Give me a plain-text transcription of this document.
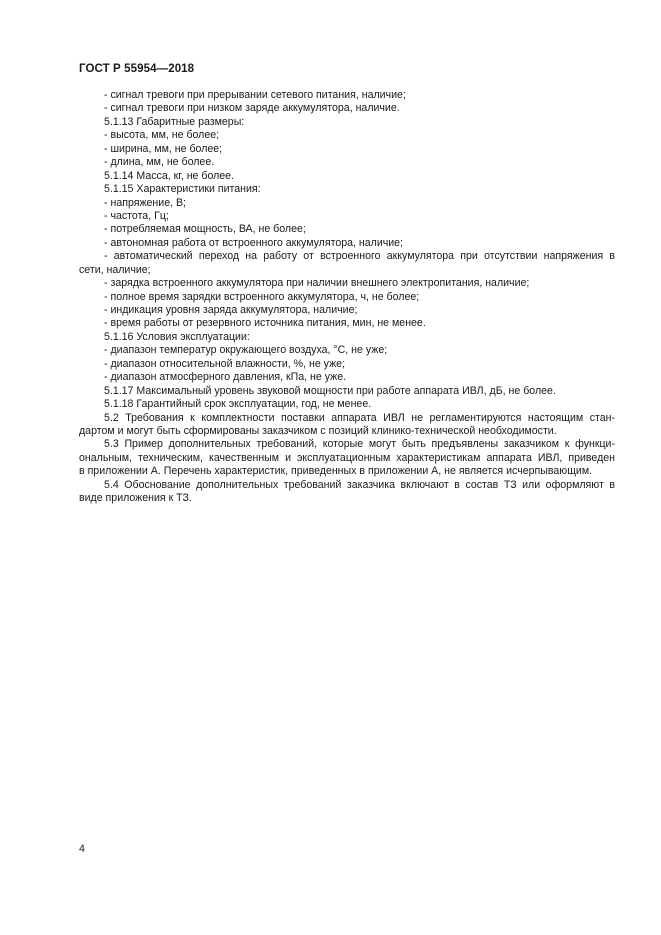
ГОСТ Р 55954—2018
- сигнал тревоги при прерывании сетевого питания, наличие;
- сигнал тревоги при низком заряде аккумулятора, наличие.
5.1.13 Габаритные размеры:
- высота, мм, не более;
- ширина, мм, не более;
- длина, мм, не более.
5.1.14 Масса, кг, не более.
5.1.15 Характеристики питания:
- напряжение, В;
- частота, Гц;
- потребляемая мощность, ВА, не более;
- автономная работа от встроенного аккумулятора, наличие;
- автоматический переход на работу от встроенного аккумулятора при отсутствии напряжения в
сети, наличие;
- зарядка встроенного аккумулятора при наличии внешнего электропитания, наличие;
- полное время зарядки встроенного аккумулятора, ч, не более;
- индикация уровня заряда аккумулятора, наличие;
- время работы от резервного источника питания, мин, не менее.
5.1.16 Условия эксплуатации:
- диапазон температур окружающего воздуха, °С, не уже;
- диапазон относительной влажности, %, не уже;
- диапазон атмосферного давления, кПа, не уже.
5.1.17 Максимальный уровень звуковой мощности при работе аппарата ИВЛ, дБ, не более.
5.1.18 Гарантийный срок эксплуатации, год, не менее.
5.2 Требования к комплектности поставки аппарата ИВЛ не регламентируются настоящим стан-
дартом и могут быть сформированы заказчиком с позиций клинико-технической необходимости.
5.3 Пример дополнительных требований, которые могут быть предъявлены заказчиком к функци-
ональным, техническим, качественным и эксплуатационным характеристикам аппарата ИВЛ, приведен
в приложении А. Перечень характеристик, приведенных в приложении А, не является исчерпывающим.
5.4 Обоснование дополнительных требований заказчика включают в состав ТЗ или оформляют в
виде приложения к ТЗ.
4
